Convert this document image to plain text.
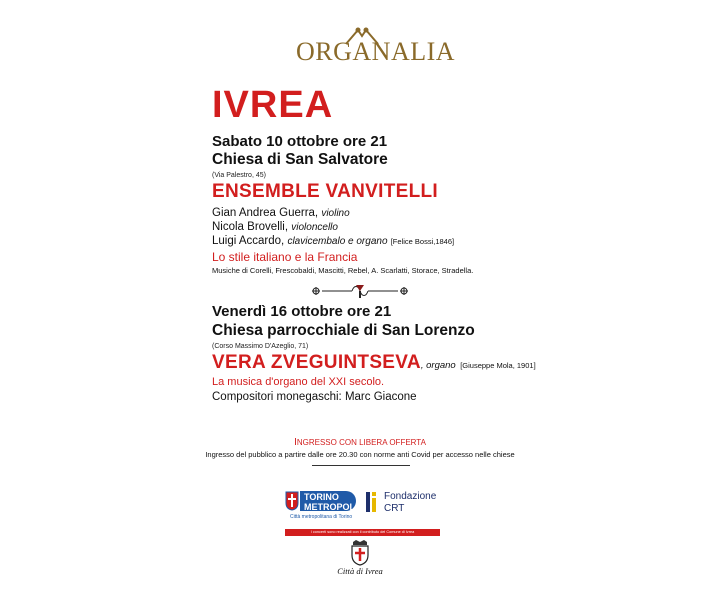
ORGANALIA
IVREA
Sabato 10 ottobre ore 21
Chiesa di San Salvatore
(Via Palestro, 45)
ENSEMBLE VANVITELLI
Gian Andrea Guerra, violino
Nicola Brovelli, violoncello
Luigi Accardo, clavicembalo e organo [Felice Bossi,1846]
Lo stile italiano e la Francia
Musiche di Corelli, Frescobaldi, Mascitti, Rebel, A. Scarlatti, Storace, Stradella.
Venerdì 16 ottobre ore 21
Chiesa parrocchiale di San Lorenzo
(Corso Massimo D'Azeglio, 71)
VERA ZVEGUINTSEVA, organo [Giuseppe Mola, 1901]
La musica d'organo del XXI secolo.
Compositori monegaschi: Marc Giacone
INGRESSO CON LIBERA OFFERTA
Ingresso del pubblico a partire dalle ore 20.30 con norme anti Covid per accesso nelle chiese
TORINO
METROPOLI
Città metropolitana di Torino
Fondazione
CRT
I concerti sono realizzati con il contributo del Comune di Ivrea
Città di Ivrea
